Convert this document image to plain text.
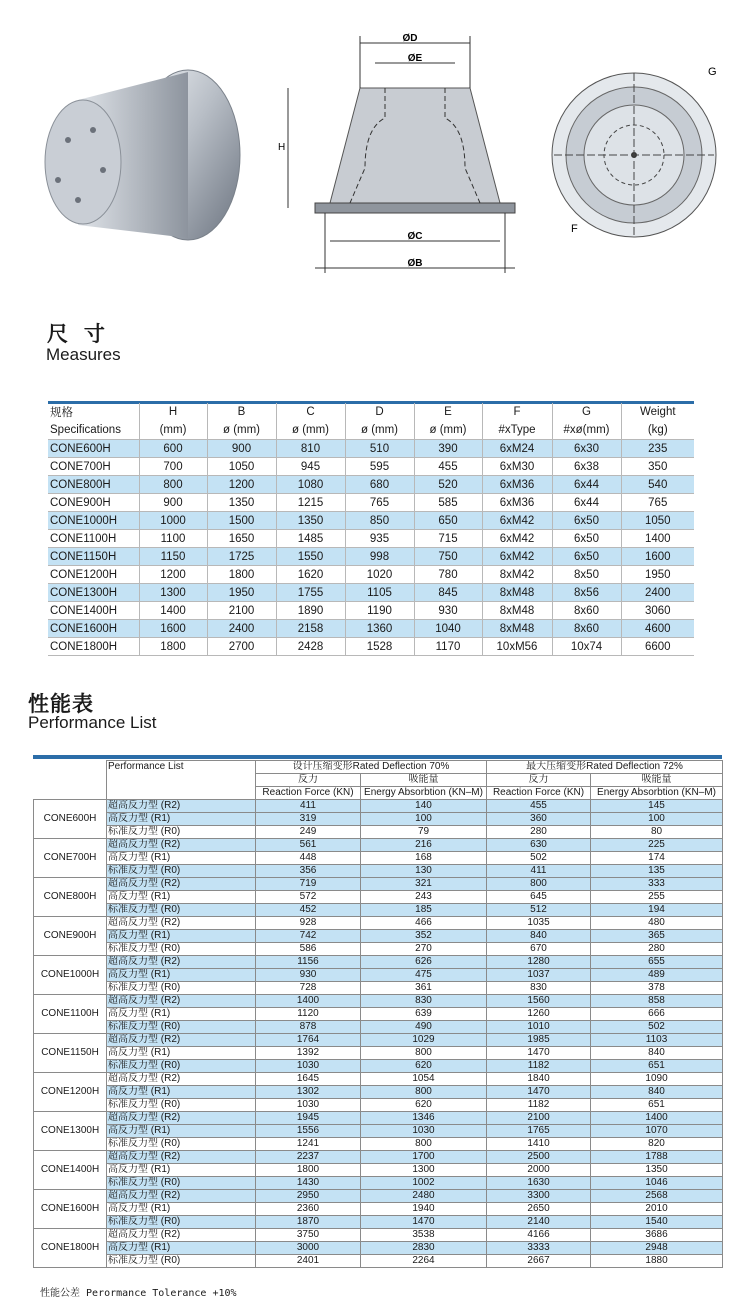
ØD
ØE
ØC
ØB
H
G
F
尺 寸
Measures
规格	H	B	C	D	E	F	G	Weight
Specifications	(mm)	ø (mm)	ø (mm)	ø (mm)	ø (mm)	#xType	#xø(mm)	(kg)
CONE600H	600	900	810	510	390	6xM24	6x30	235
CONE700H	700	1050	945	595	455	6xM30	6x38	350
CONE800H	800	1200	1080	680	520	6xM36	6x44	540
CONE900H	900	1350	1215	765	585	6xM36	6x44	765
CONE1000H	1000	1500	1350	850	650	6xM42	6x50	1050
CONE1100H	1100	1650	1485	935	715	6xM42	6x50	1400
CONE1150H	1150	1725	1550	998	750	6xM42	6x50	1600
CONE1200H	1200	1800	1620	1020	780	8xM42	8x50	1950
CONE1300H	1300	1950	1755	1105	845	8xM48	8x56	2400
CONE1400H	1400	2100	1890	1190	930	8xM48	8x60	3060
CONE1600H	1600	2400	2158	1360	1040	8xM48	8x60	4600
CONE1800H	1800	2700	2428	1528	1170	10xM56	10x74	6600
性能表
Performance List
	Performance List	设计压缩变形Rated Deflection 70%		最大压缩变形Rated Deflection 72%	
		反力	吸能量	反力	吸能量
		Reaction Force (KN)	Energy Absorbtion (KN–M)	Reaction Force (KN)	Energy Absorbtion (KN–M)
CONE600H	超高反力型 (R2)	411	140	455	145
	高反力型 (R1)	319	100	360	100
	标准反力型 (R0)	249	79	280	80
CONE700H	超高反力型 (R2)	561	216	630	225
	高反力型 (R1)	448	168	502	174
	标准反力型 (R0)	356	130	411	135
CONE800H	超高反力型 (R2)	719	321	800	333
	高反力型 (R1)	572	243	645	255
	标准反力型 (R0)	452	185	512	194
CONE900H	超高反力型 (R2)	928	466	1035	480
	高反力型 (R1)	742	352	840	365
	标准反力型 (R0)	586	270	670	280
CONE1000H	超高反力型 (R2)	1156	626	1280	655
	高反力型 (R1)	930	475	1037	489
	标准反力型 (R0)	728	361	830	378
CONE1100H	超高反力型 (R2)	1400	830	1560	858
	高反力型 (R1)	1120	639	1260	666
	标准反力型 (R0)	878	490	1010	502
CONE1150H	超高反力型 (R2)	1764	1029	1985	1103
	高反力型 (R1)	1392	800	1470	840
	标准反力型 (R0)	1030	620	1182	651
CONE1200H	超高反力型 (R2)	1645	1054	1840	1090
	高反力型 (R1)	1302	800	1470	840
	标准反力型 (R0)	1030	620	1182	651
CONE1300H	超高反力型 (R2)	1945	1346	2100	1400
	高反力型 (R1)	1556	1030	1765	1070
	标准反力型 (R0)	1241	800	1410	820
CONE1400H	超高反力型 (R2)	2237	1700	2500	1788
	高反力型 (R1)	1800	1300	2000	1350
	标准反力型 (R0)	1430	1002	1630	1046
CONE1600H	超高反力型 (R2)	2950	2480	3300	2568
	高反力型 (R1)	2360	1940	2650	2010
	标准反力型 (R0)	1870	1470	2140	1540
CONE1800H	超高反力型 (R2)	3750	3538	4166	3686
	高反力型 (R1)	3000	2830	3333	2948
	标准反力型 (R0)	2401	2264	2667	1880
性能公差 Perormance Tolerance +10%
